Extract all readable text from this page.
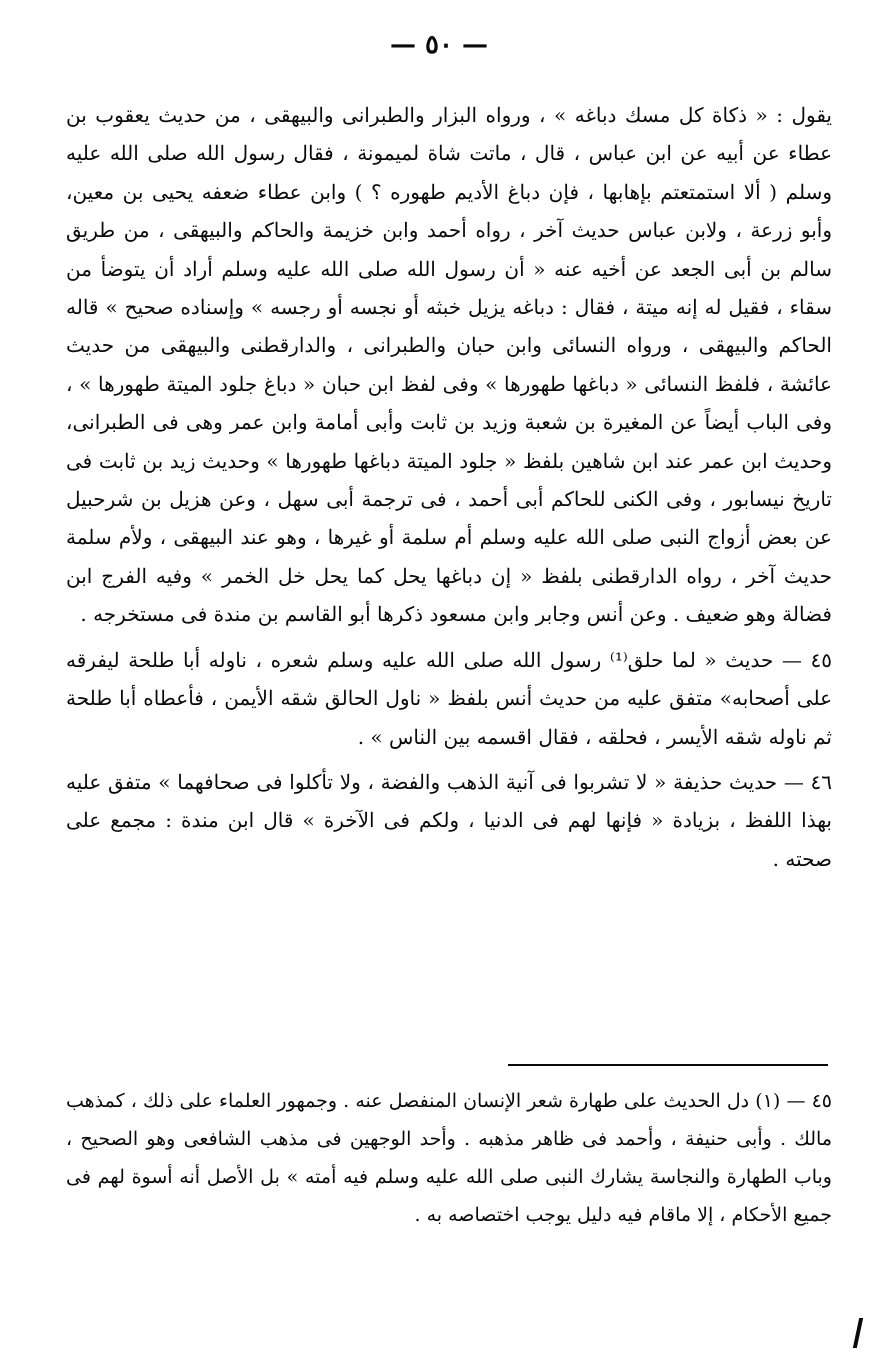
— ٥٠ —

يقول : « ذكاة كل مسك دباغه » ، ورواه البزار والطبرانى والبيهقى ، من حديث يعقوب بن عطاء عن أبيه عن ابن عباس ، قال ، ماتت شاة لميمونة ، فقال رسول الله صلى الله عليه وسلم ( ألا استمتعتم بإهابها ، فإن دباغ الأديم طهوره ؟ ) وابن عطاء ضعفه يحيى بن معين، وأبو زرعة ، ولابن عباس حديث آخر ، رواه أحمد وابن خزيمة والحاكم والبيهقى ، من طريق سالم بن أبى الجعد عن أخيه عنه « أن رسول الله صلى الله عليه وسلم أراد أن يتوضأ من سقاء ، فقيل له إنه ميتة ، فقال : دباغه يزيل خبثه أو نجسه أو رجسه » وإسناده صحيح » قاله الحاكم والبيهقى ، ورواه النسائى وابن حبان والطبرانى ، والدارقطنى والبيهقى من حديث عائشة ، فلفظ النسائى « دباغها طهورها » وفى لفظ ابن حبان « دباغ جلود الميتة طهورها » ، وفى الباب أيضاً عن المغيرة بن شعبة وزيد بن ثابت وأبى أمامة وابن عمر وهى فى الطبرانى، وحديث ابن عمر عند ابن شاهين بلفظ « جلود الميتة دباغها طهورها » وحديث زيد بن ثابت فى تاريخ نيسابور ، وفى الكنى للحاكم أبى أحمد ، فى ترجمة أبى سهل ، وعن هزيل بن شرحبيل عن بعض أزواج النبى صلى الله عليه وسلم أم سلمة أو غيرها ، وهو عند البيهقى ، ولأم سلمة حديث آخر ، رواه الدارقطنى بلفظ « إن دباغها يحل كما يحل خل الخمر » وفيه الفرج ابن فضالة وهو ضعيف . وعن أنس وجابر وابن مسعود ذكرها أبو القاسم بن مندة فى مستخرجه .

٤٥ — حديث « لما حلق⁽¹⁾ رسول الله صلى الله عليه وسلم شعره ، ناوله أبا طلحة ليفرقه على أصحابه» متفق عليه من حديث أنس بلفظ « ناول الحالق شقه الأيمن ، فأعطاه أبا طلحة ثم ناوله شقه الأيسر ، فحلقه ، فقال اقسمه بين الناس » .

٤٦ — حديث حذيفة « لا تشربوا فى آنية الذهب والفضة ، ولا تأكلوا فى صحافهما » متفق عليه بهذا اللفظ ، بزيادة « فإنها لهم فى الدنيا ، ولكم فى الآخرة » قال ابن مندة : مجمع على صحته .

٤٥ — (١) دل الحديث على طهارة شعر الإنسان المنفصل عنه . وجمهور العلماء على ذلك ، كمذهب مالك . وأبى حنيفة ، وأحمد فى ظاهر مذهبه . وأحد الوجهين فى مذهب الشافعى وهو الصحيح ، وباب الطهارة والنجاسة يشارك النبى صلى الله عليه وسلم فيه أمته » بل الأصل أنه أسوة لهم فى جميع الأحكام ، إلا ماقام فيه دليل يوجب اختصاصه به .
